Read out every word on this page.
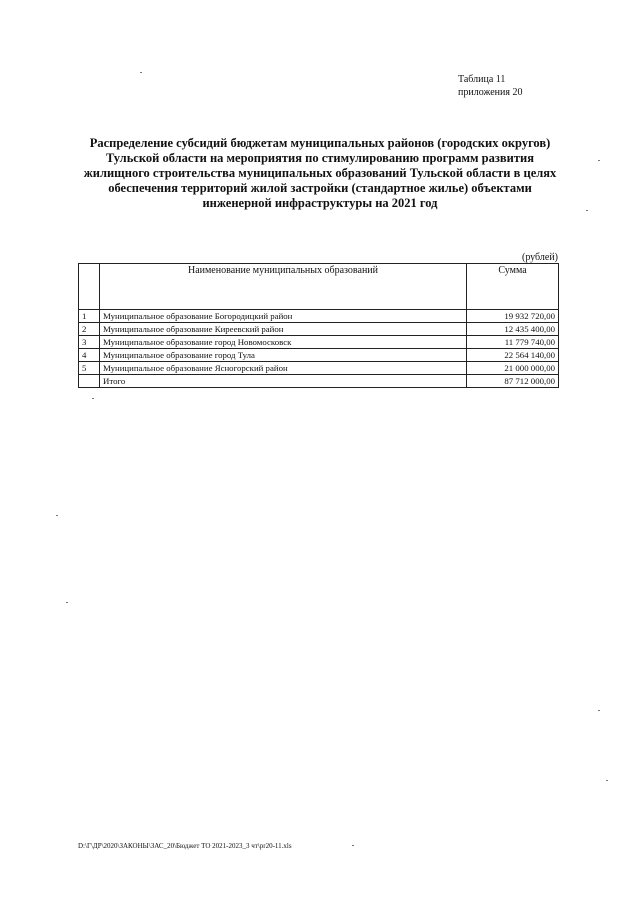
Таблица 11
приложения 20
Распределение субсидий бюджетам муниципальных районов (городских округов)
Тульской области на мероприятия по стимулированию программ развития
жилищного строительства муниципальных образований Тульской области в целях
обеспечения территорий жилой застройки (стандартное жилье) объектами
инженерной инфраструктуры на 2021 год
(рублей)
	Наименование муниципальных образований	Сумма
1	Муниципальное образование Богородицкий район	19 932 720,00
2	Муниципальное образование Киреевский район	12 435 400,00
3	Муниципальное образование город Новомосковск	11 779 740,00
4	Муниципальное образование город Тула	22 564 140,00
5	Муниципальное образование Ясногорский район	21 000 000,00
	Итого	87 712 000,00
D:\Г\ДР\2020\ЗАКОНЫ\ЗАС_20\Бюджет ТО 2021-2023_3 чт\pr20-11.xls
